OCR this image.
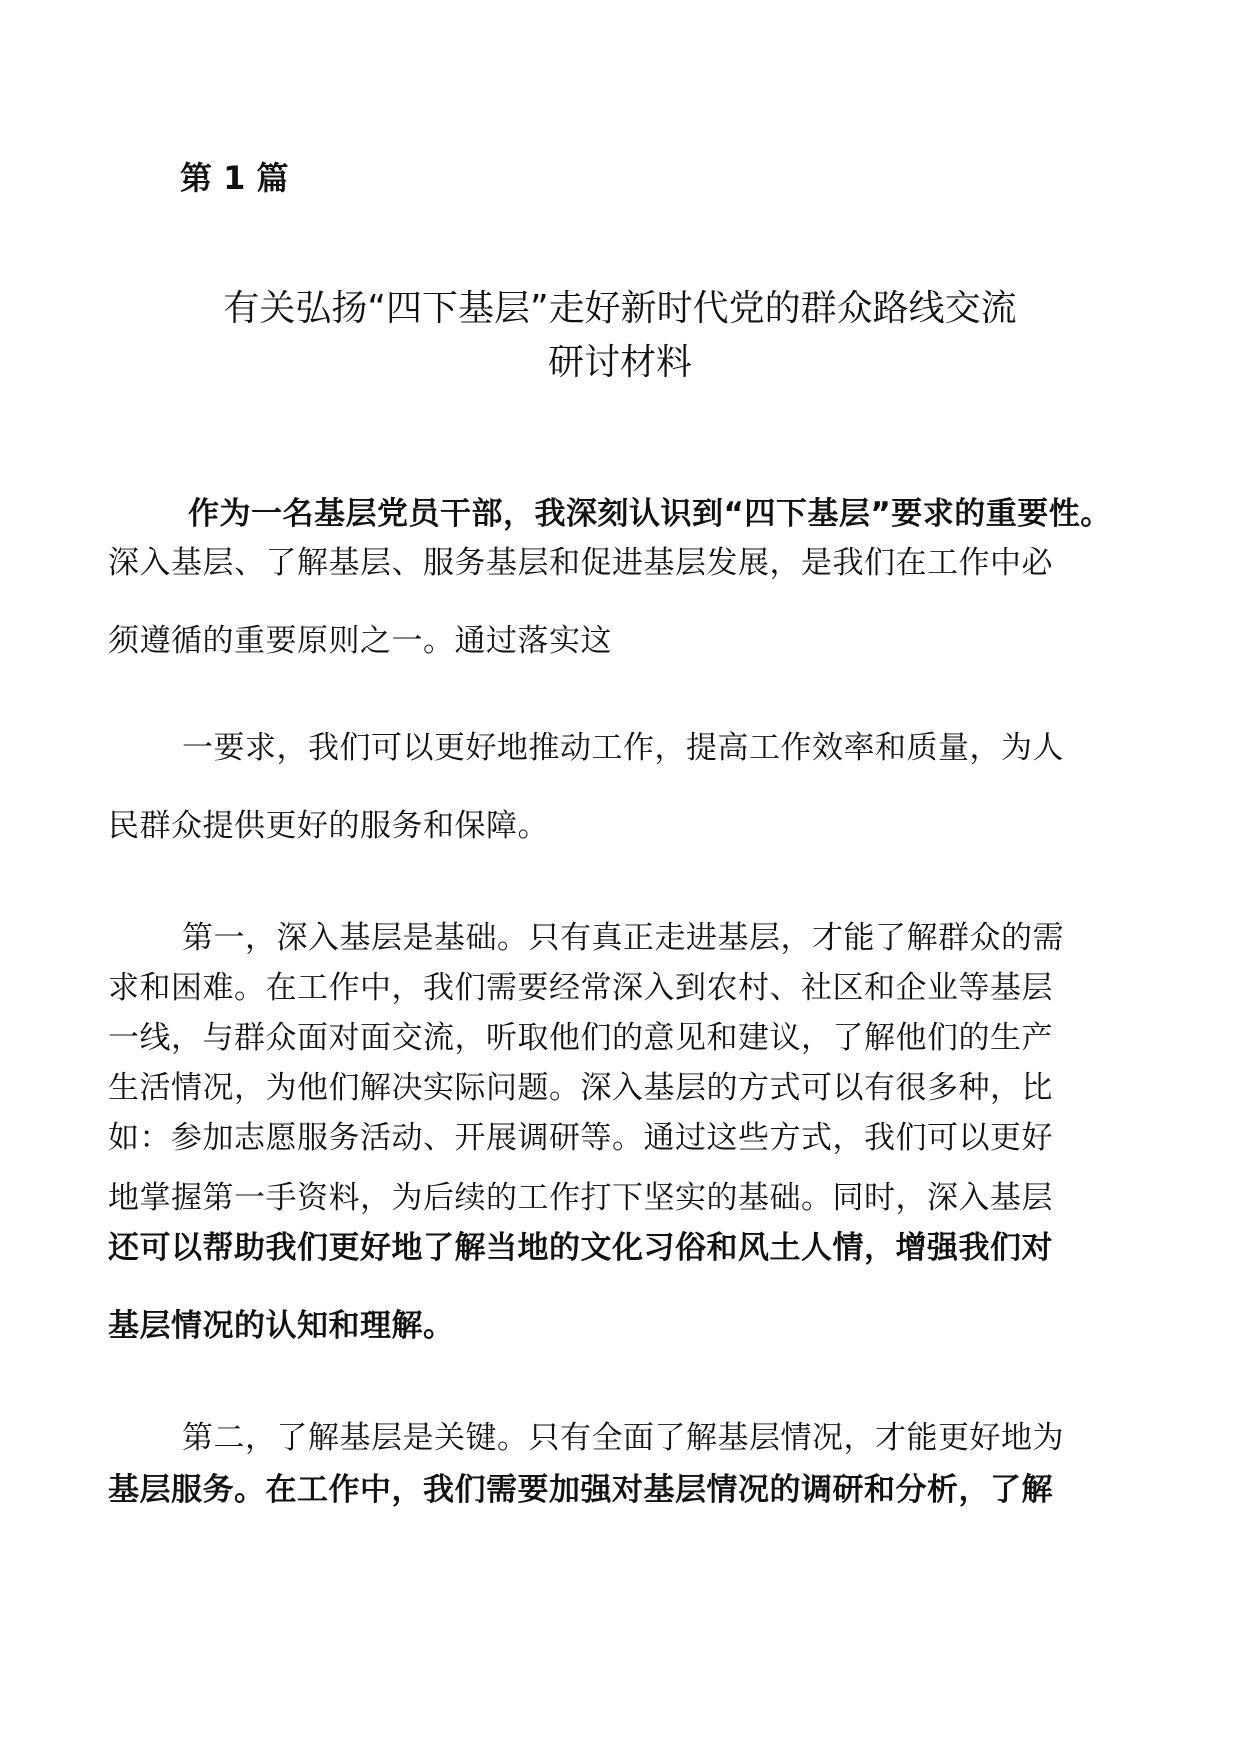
第 1 篇
有关弘扬“四下基层”走好新时代党的群众路线交流
研讨材料
作为一名基层党员干部，我深刻认识到“四下基层”要求的重要性。
深入基层、了解基层、服务基层和促进基层发展，是我们在工作中必
须遵循的重要原则之一。通过落实这
一要求，我们可以更好地推动工作，提高工作效率和质量，为人
民群众提供更好的服务和保障。
第一，深入基层是基础。只有真正走进基层，才能了解群众的需
求和困难。在工作中，我们需要经常深入到农村、社区和企业等基层
一线，与群众面对面交流，听取他们的意见和建议，了解他们的生产
生活情况，为他们解决实际问题。深入基层的方式可以有很多种，比
如：参加志愿服务活动、开展调研等。通过这些方式，我们可以更好
地掌握第一手资料，为后续的工作打下坚实的基础。同时，深入基层
还可以帮助我们更好地了解当地的文化习俗和风土人情，增强我们对
基层情况的认知和理解。
第二，了解基层是关键。只有全面了解基层情况，才能更好地为
基层服务。在工作中，我们需要加强对基层情况的调研和分析，了解
